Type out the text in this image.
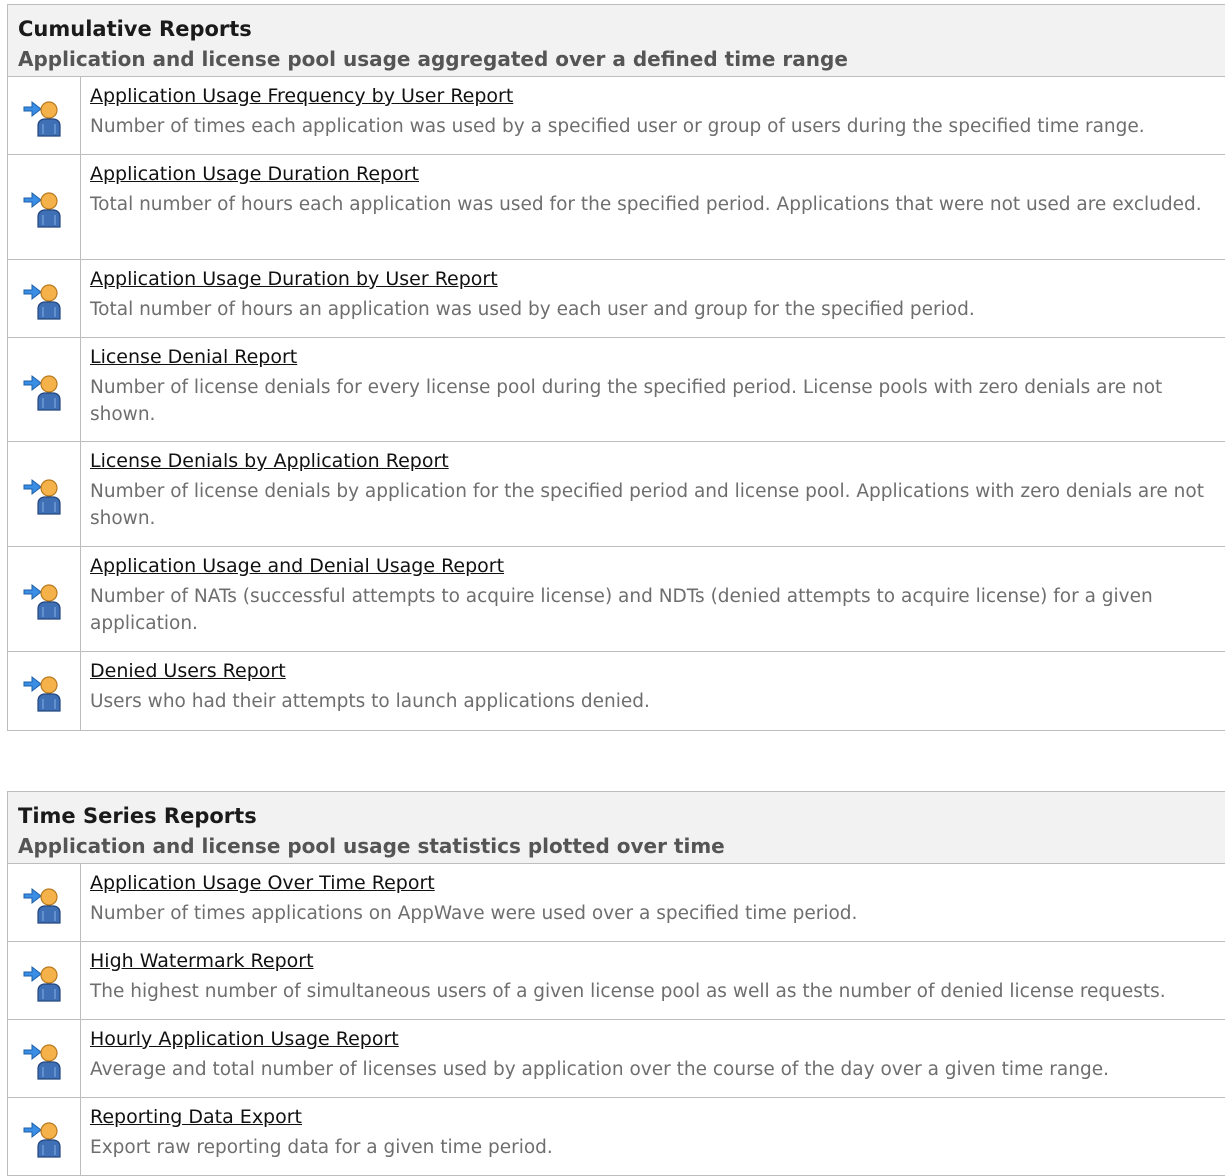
Cumulative Reports
Application and license pool usage aggregated over a defined time range
Application Usage Frequency by User Report
Number of times each application was used by a specified user or group of users during the specified time range.
Application Usage Duration Report
Total number of hours each application was used for the specified period. Applications that were not used are excluded.
Application Usage Duration by User Report
Total number of hours an application was used by each user and group for the specified period.
License Denial Report
Number of license denials for every license pool during the specified period. License pools with zero denials are not shown.
License Denials by Application Report
Number of license denials by application for the specified period and license pool. Applications with zero denials are not shown.
Application Usage and Denial Usage Report
Number of NATs (successful attempts to acquire license) and NDTs (denied attempts to acquire license) for a given application.
Denied Users Report
Users who had their attempts to launch applications denied.
Time Series Reports
Application and license pool usage statistics plotted over time
Application Usage Over Time Report
Number of times applications on AppWave were used over a specified time period.
High Watermark Report
The highest number of simultaneous users of a given license pool as well as the number of denied license requests.
Hourly Application Usage Report
Average and total number of licenses used by application over the course of the day over a given time range.
Reporting Data Export
Export raw reporting data for a given time period.
